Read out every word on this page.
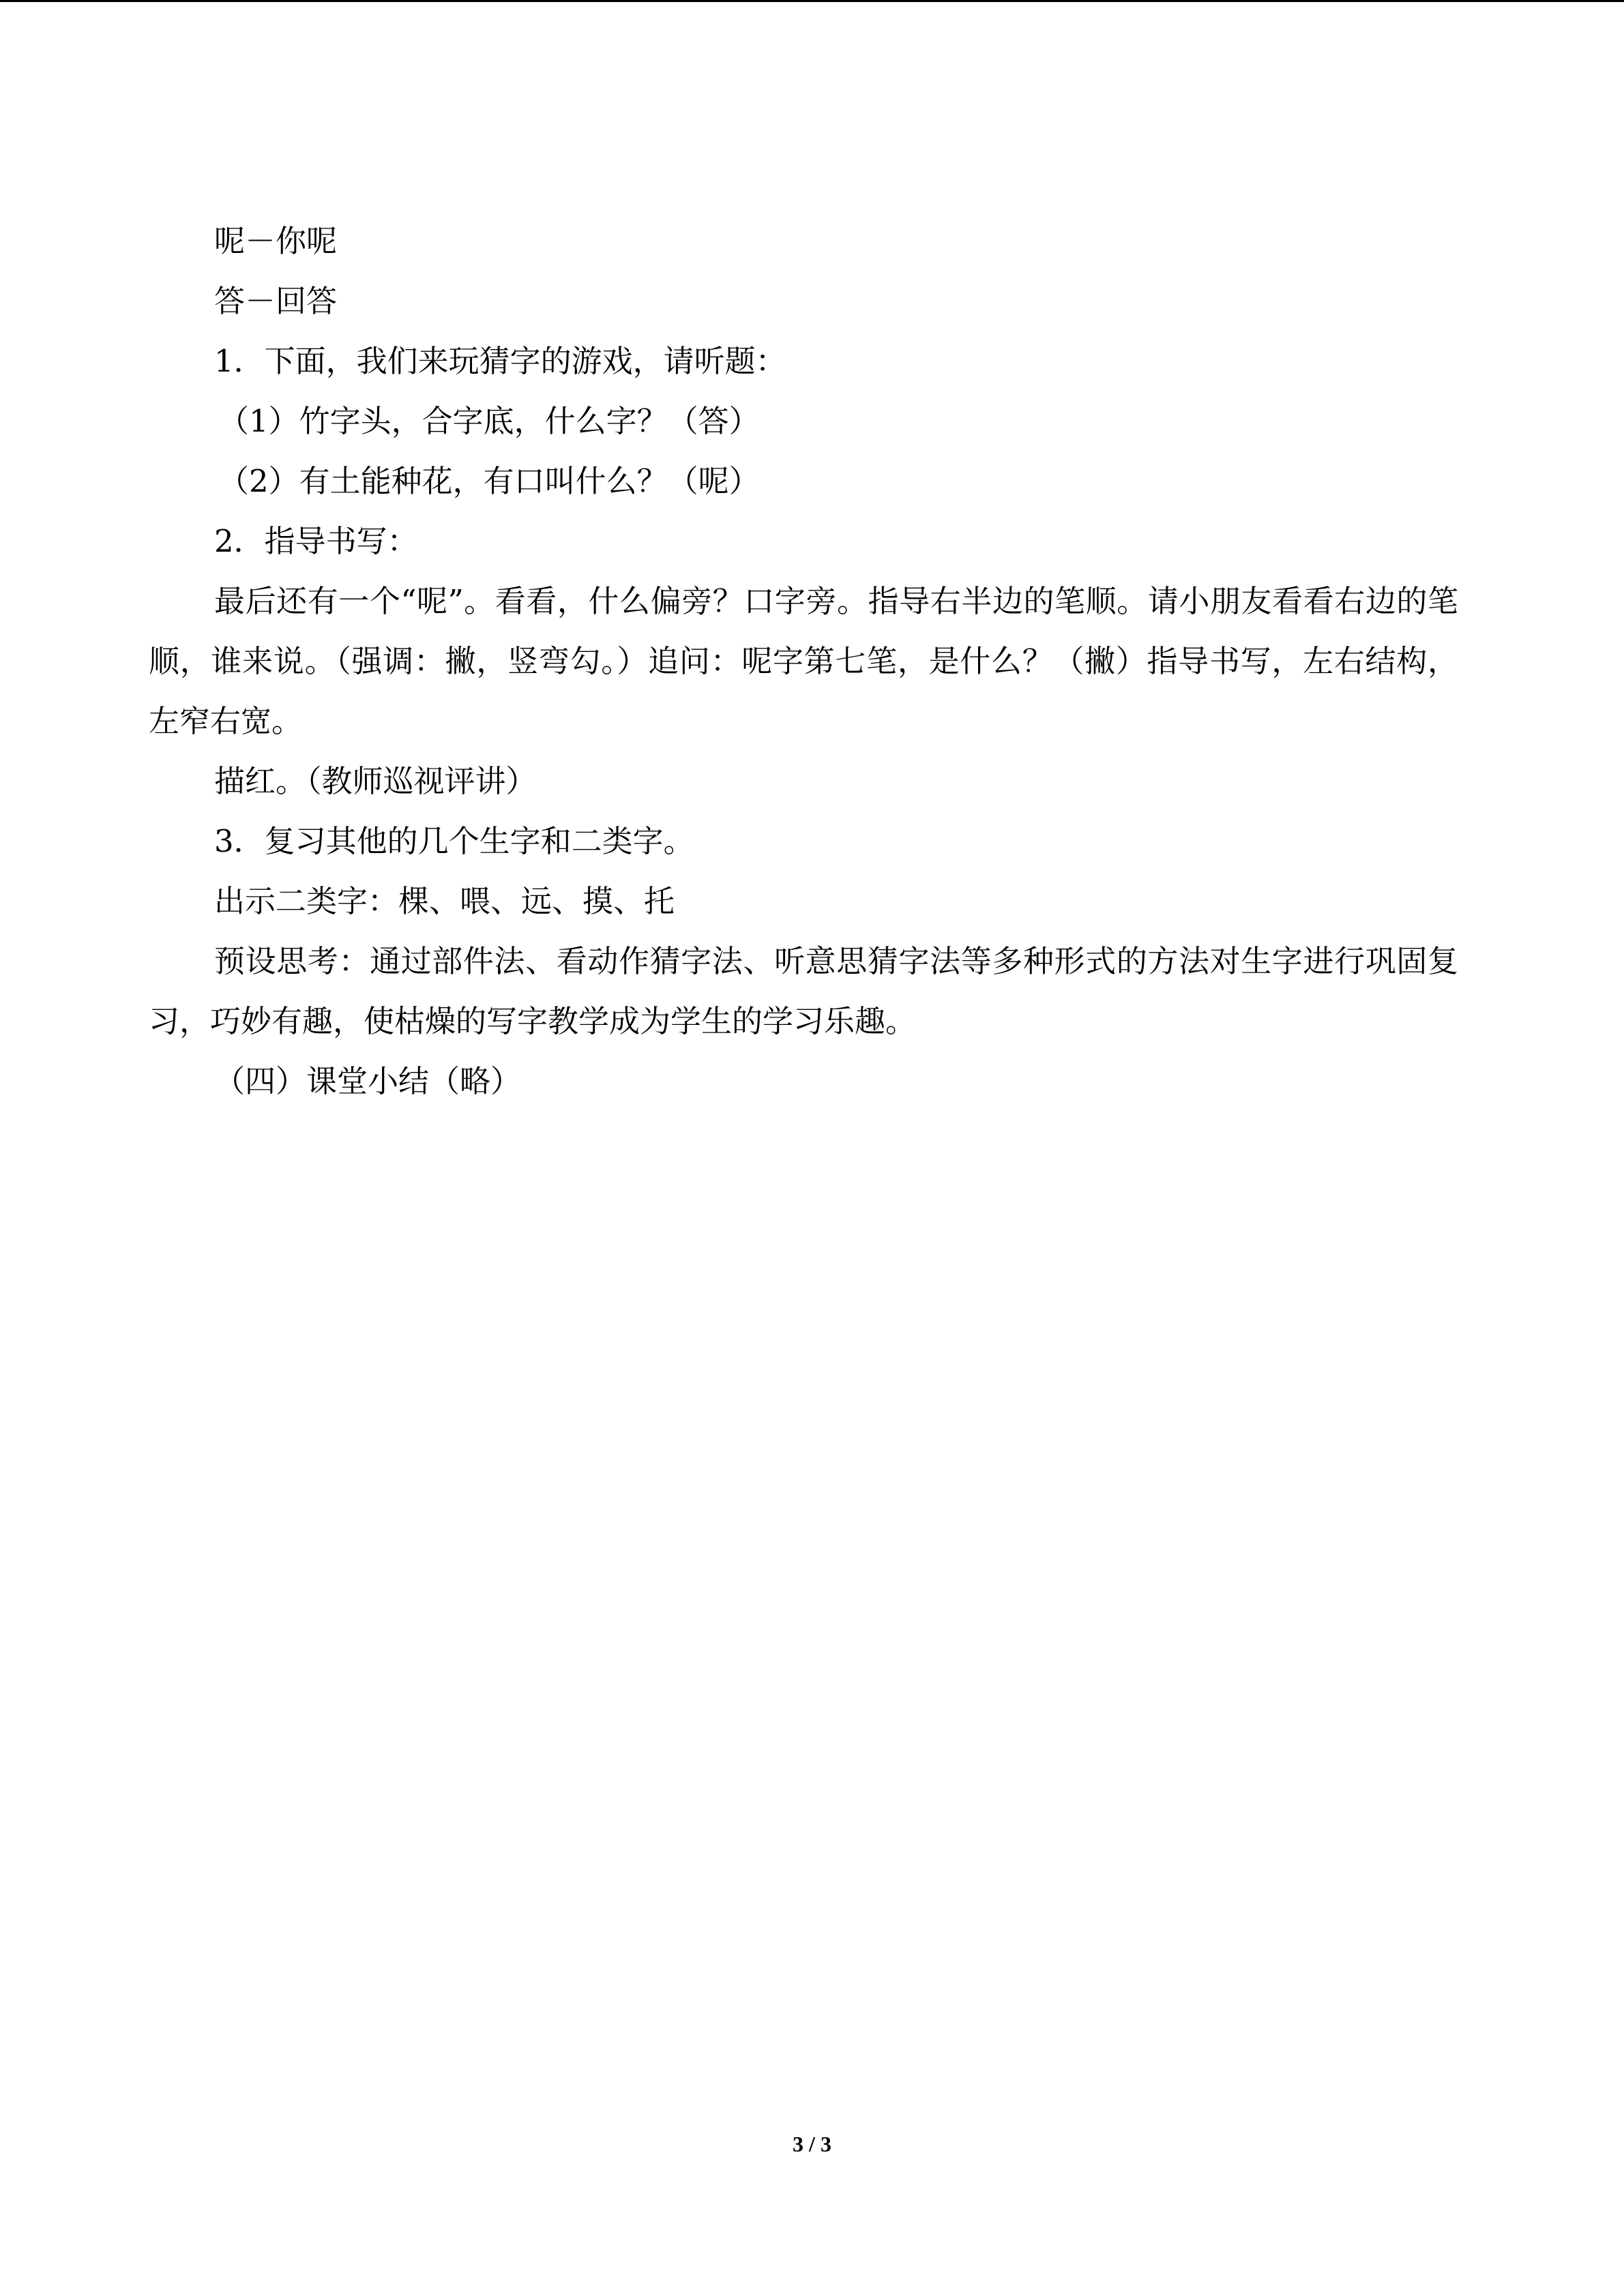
呢－你呢
答－回答
1．下面，我们来玩猜字的游戏，请听题：
（1）竹字头，合字底，什么字？（答）
（2）有土能种花，有口叫什么？（呢）
2．指导书写：

最后还有一个“呢”。看看，什么偏旁？口字旁。指导右半边的笔顺。请小朋友看看右边的笔顺，谁来说。（强调：撇，竖弯勾。）追问：呢字第七笔，是什么？（撇）指导书写，左右结构，左窄右宽。

描红。（教师巡视评讲）
3．复习其他的几个生字和二类字。
出示二类字：棵、喂、远、摸、托

预设思考：通过部件法、看动作猜字法、听意思猜字法等多种形式的方法对生字进行巩固复习，巧妙有趣，使枯燥的写字教学成为学生的学习乐趣。

（四）课堂小结（略）
3 / 3
